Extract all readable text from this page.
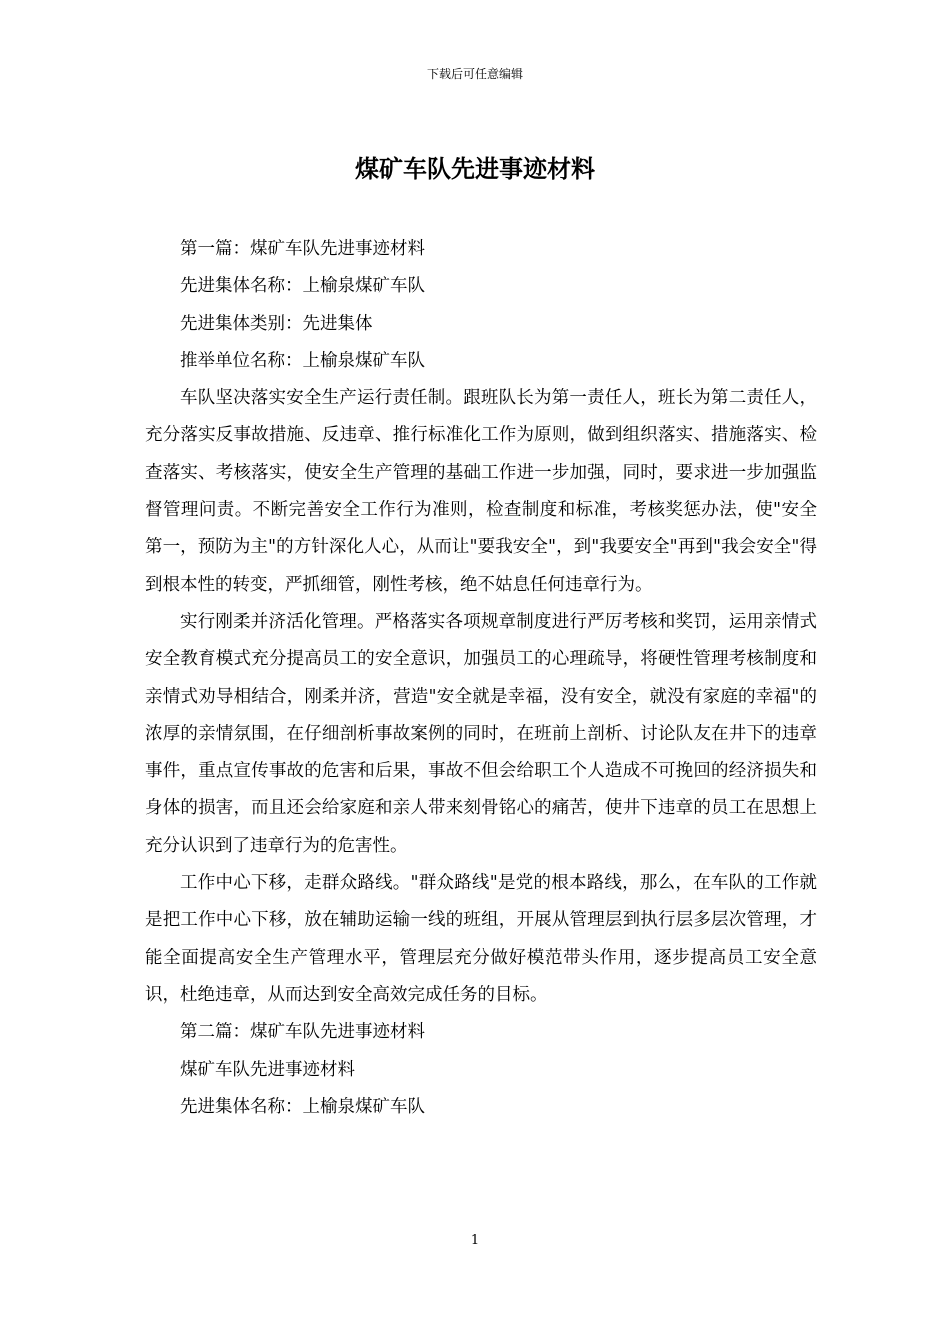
下载后可任意编辑
煤矿车队先进事迹材料

第一篇：煤矿车队先进事迹材料

先进集体名称：上榆泉煤矿车队

先进集体类别：先进集体

推举单位名称：上榆泉煤矿车队

车队坚决落实安全生产运行责任制。跟班队长为第一责任人，班长为第二责任人，充分落实反事故措施、反违章、推行标准化工作为原则，做到组织落实、措施落实、检查落实、考核落实，使安全生产管理的基础工作进一步加强，同时，要求进一步加强监督管理问责。不断完善安全工作行为准则，检查制度和标准，考核奖惩办法，使"安全第一，预防为主"的方针深化人心，从而让"要我安全"，到"我要安全"再到"我会安全"得到根本性的转变，严抓细管，刚性考核，绝不姑息任何违章行为。

实行刚柔并济活化管理。严格落实各项规章制度进行严厉考核和奖罚，运用亲情式安全教育模式充分提高员工的安全意识，加强员工的心理疏导，将硬性管理考核制度和亲情式劝导相结合，刚柔并济，营造"安全就是幸福，没有安全，就没有家庭的幸福"的浓厚的亲情氛围，在仔细剖析事故案例的同时，在班前上剖析、讨论队友在井下的违章事件，重点宣传事故的危害和后果，事故不但会给职工个人造成不可挽回的经济损失和身体的损害，而且还会给家庭和亲人带来刻骨铭心的痛苦，使井下违章的员工在思想上充分认识到了违章行为的危害性。

工作中心下移，走群众路线。"群众路线"是党的根本路线，那么，在车队的工作就是把工作中心下移，放在辅助运输一线的班组，开展从管理层到执行层多层次管理，才能全面提高安全生产管理水平，管理层充分做好模范带头作用，逐步提高员工安全意识，杜绝违章，从而达到安全高效完成任务的目标。

第二篇：煤矿车队先进事迹材料

煤矿车队先进事迹材料

先进集体名称：上榆泉煤矿车队

1
